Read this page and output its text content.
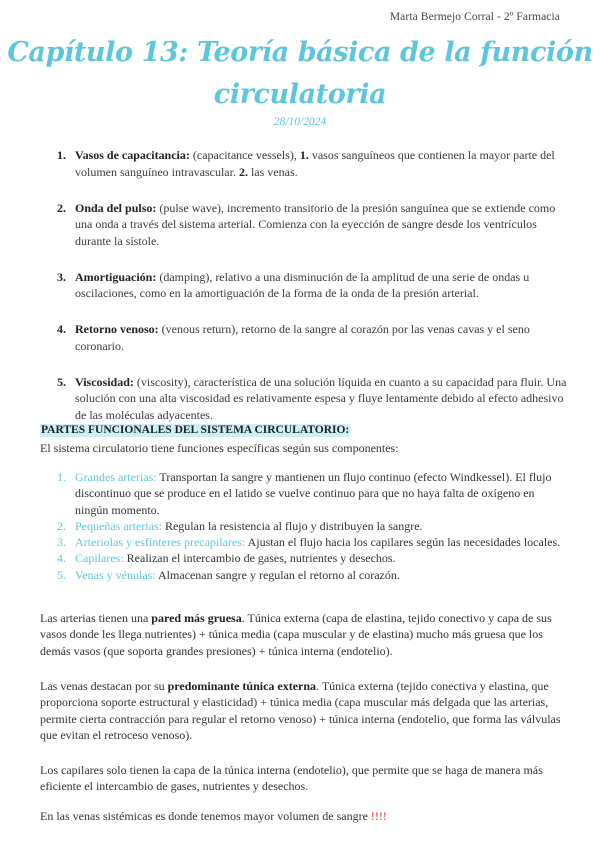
Marta Bermejo Corral - 2º Farmacia
Capítulo 13: Teoría básica de la función
circulatoria
28/10/2024
1. Vasos de capacitancia: (capacitance vessels), 1. vasos sanguíneos que contienen la mayor parte del volumen sanguíneo intravascular. 2. las venas.
2. Onda del pulso: (pulse wave), incremento transitorio de la presión sanguínea que se extiende como una onda a través del sistema arterial. Comienza con la eyección de sangre desde los ventrículos durante la sístole.
3. Amortiguación: (damping), relativo a una disminución de la amplitud de una serie de ondas u oscilaciones, como en la amortiguación de la forma de la onda de la presión arterial.
4. Retorno venoso: (venous return), retorno de la sangre al corazón por las venas cavas y el seno coronario.
5. Viscosidad: (viscosity), característica de una solución líquida en cuanto a su capacidad para fluir. Una solución con una alta viscosidad es relativamente espesa y fluye lentamente debido al efecto adhesivo de las moléculas adyacentes.
PARTES FUNCIONALES DEL SISTEMA CIRCULATORIO:
El sistema circulatorio tiene funciones específicas según sus componentes:
1. Grandes arterias: Transportan la sangre y mantienen un flujo continuo (efecto Windkessel). El flujo discontinuo que se produce en el latido se vuelve continuo para que no haya falta de oxígeno en ningún momento.
2. Pequeñas arterias: Regulan la resistencia al flujo y distribuyen la sangre.
3. Arteriolas y esfínteres precapilares: Ajustan el flujo hacia los capilares según las necesidades locales.
4. Capilares: Realizan el intercambio de gases, nutrientes y desechos.
5. Venas y vénulas: Almacenan sangre y regulan el retorno al corazón.

Las arterias tienen una pared más gruesa. Túnica externa (capa de elastina, tejido conectivo y capa de sus vasos donde les llega nutrientes) + túnica media (capa muscular y de elastina) mucho más gruesa que los demás vasos (que soporta grandes presiones) + túnica interna (endotelio).

Las venas destacan por su predominante túnica externa. Túnica externa (tejido conectiva y elastina, que proporciona soporte estructural y elasticidad) + túnica media (capa muscular más delgada que las arterias, permite cierta contracción para regular el retorno venoso) + túnica interna (endotelio, que forma las válvulas que evitan el retroceso venoso).

Los capilares solo tienen la capa de la túnica interna (endotelio), que permite que se haga de manera más eficiente el intercambio de gases, nutrientes y desechos.

En las venas sistémicas es donde tenemos mayor volumen de sangre !!!!
